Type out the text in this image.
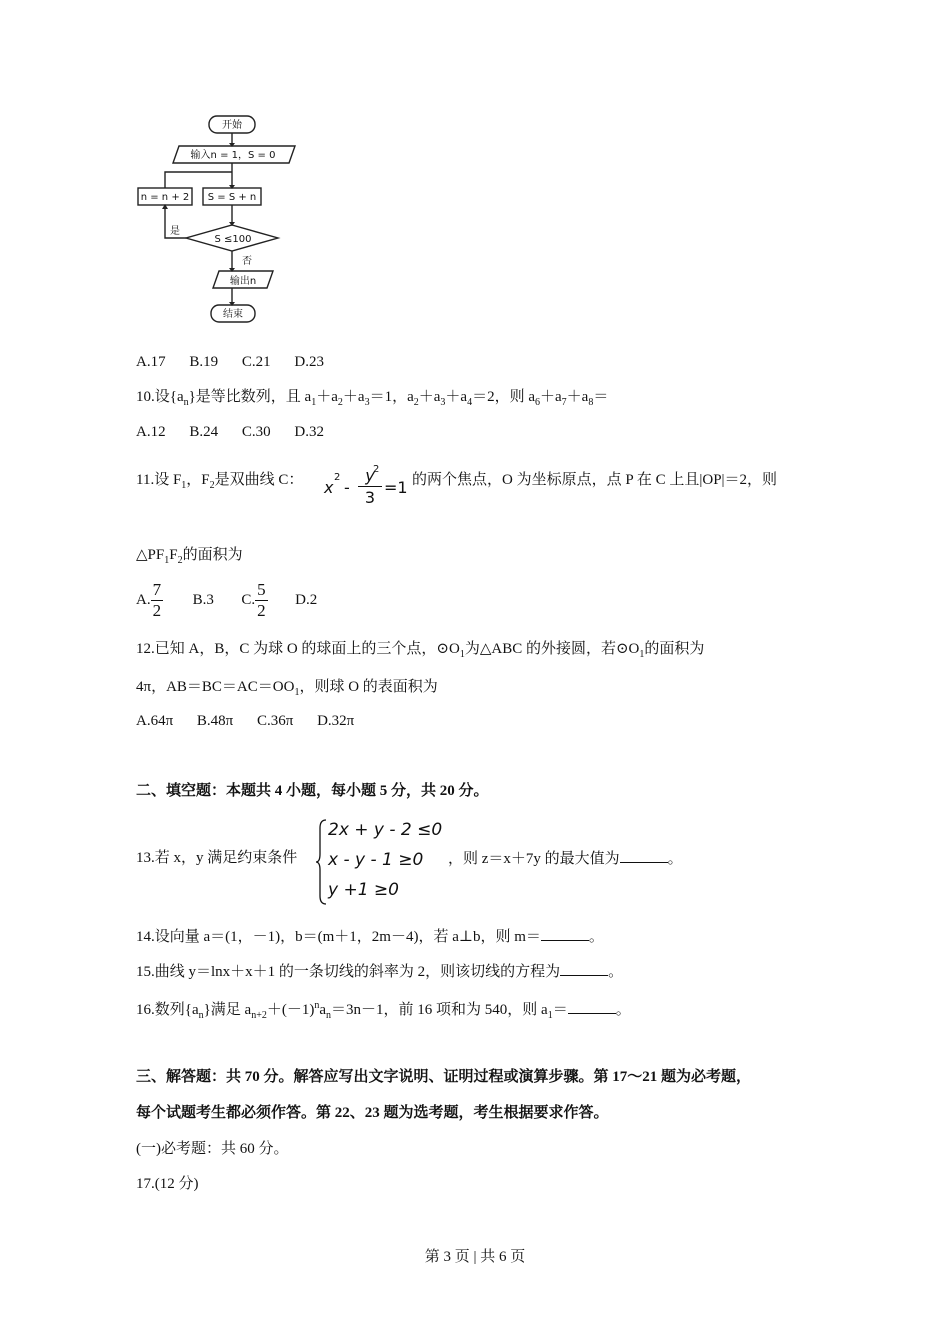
开始
输入n = 1，S = 0
n = n + 2 S = S + n
S ≤100
是
否
输出n
结束
A.17 B.19 C.21 D.23
10.设$\{a_n\}$是等比数列，且 $a_1+a_2+a_3=1$，$a_2+a_3+a_4=2$，则 $a_6+a_7+a_8=$
A.12 B.24 C.30 D.32
11.设 $F_1$，$F_2$是双曲线 C： x
2
-
y
2
3
=1 的两个焦点，O 为坐标原点，点 P 在 C 上且|OP|＝2，则
$\triangle PF_1F_2$的面积为
A. $\frac{7}{2} B.3$ C. $\frac{5}{2} D.2$
12.已知 A，B，C 为球 O 的球面上的三个点，$⊙O_1$为△ABC 的外接圆，若$⊙O_1$的面积为
4π，$AB=BC=AC=OO_1$，则球 O 的表面积为
A.64π B.48π C.36π D.32π
二、填空题：本题共 4 小题，每小题 5 分，共 20 分。
13.若 x，y 满足约束条件
2x + y - 2 ≤0
x - y - 1 ≥0
y +1 ≥0
，则 z＝x＋7y 的最大值为	。
14.设向量 a＝(1，－1)，b＝(m＋1，2m－4)，若 a⊥b，则 m＝	。
15.曲线 y＝lnx＋x＋1 的一条切线的斜率为 2，则该切线的方程为	。
16.数列$\{a_n\}$满足 $a_{n+2}+(-1)^na_n=3n-1$，前 16 项和为 540，则 $a_1=$	。
三、解答题：共 70 分。解答应写出文字说明、证明过程或演算步骤。第 17～21 题为必考题，
每个试题考生都必须作答。第 22、23 题为选考题，考生根据要求作答。
(一)必考题：共 60 分。
17.(12 分)
第 3 页 | 共 6 页
